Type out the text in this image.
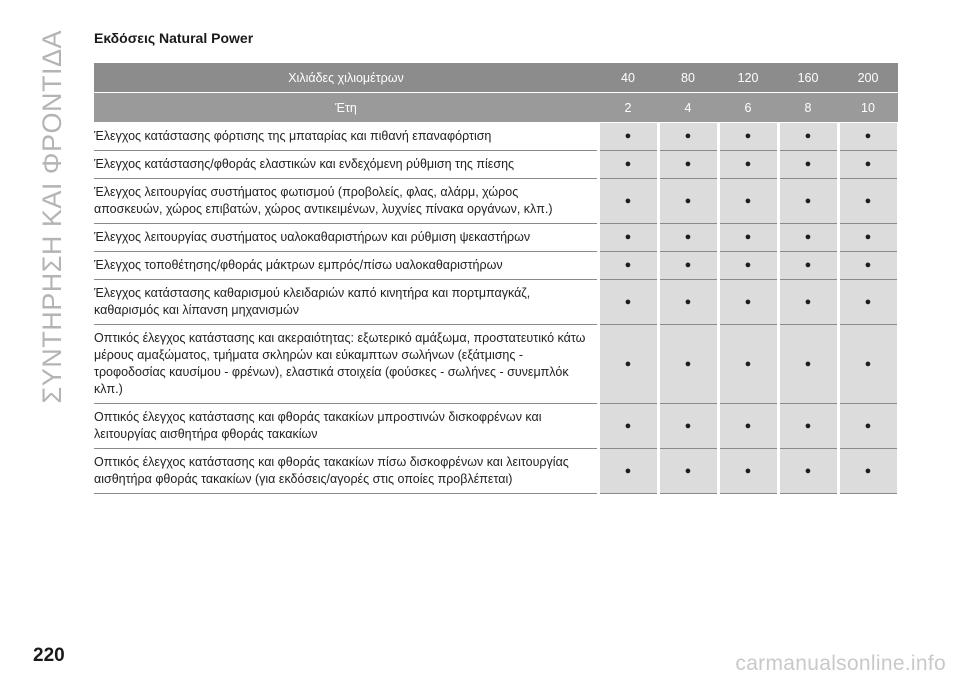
ΣΥΝΤΗΡΗΣΗ ΚΑΙ ΦΡΟΝΤΙΔΑ Εκδόσεις Natural Power
Χιλιάδες χιλιομέτρων	40	80	120	160	200
Έτη	2	4	6	8	10
Έλεγχος κατάστασης φόρτισης της μπαταρίας και πιθανή επαναφόρτιση	●	●	●	●	●
Έλεγχος κατάστασης/φθοράς ελαστικών και ενδεχόμενη ρύθμιση της πίεσης	●	●	●	●	●
Έλεγχος λειτουργίας συστήματος φωτισμού (προβολείς, φλας, αλάρμ, χώρος αποσκευών, χώρος επιβατών, χώρος αντικειμένων, λυχνίες πίνακα οργάνων, κλπ.)	●	●	●	●	●
Έλεγχος λειτουργίας συστήματος υαλοκαθαριστήρων και ρύθμιση ψεκαστήρων	●	●	●	●	●
Έλεγχος τοποθέτησης/φθοράς μάκτρων εμπρός/πίσω υαλοκαθαριστήρων	●	●	●	●	●
Έλεγχος κατάστασης καθαρισμού κλειδαριών καπό κινητήρα και πορτμπαγκάζ, καθαρισμός και λίπανση μηχανισμών	●	●	●	●	●
Οπτικός έλεγχος κατάστασης και ακεραιότητας: εξωτερικό αμάξωμα, προστατευτικό κάτω μέρους αμαξώματος, τμήματα σκληρών και εύκαμπτων σωλήνων (εξάτμισης - τροφοδοσίας καυσίμου - φρένων), ελαστικά στοιχεία (φούσκες - σωλήνες - συνεμπλόκ κλπ.)	●	●	●	●	●
Οπτικός έλεγχος κατάστασης και φθοράς τακακίων μπροστινών δισκοφρένων και λειτουργίας αισθητήρα φθοράς τακακίων	●	●	●	●	●
Οπτικός έλεγχος κατάστασης και φθοράς τακακίων πίσω δισκοφρένων και λειτουργίας αισθητήρα φθοράς τακακίων (για εκδόσεις/αγορές στις οποίες προβλέπεται)	●	●	●	●	●
220	carmanualsonline.info
